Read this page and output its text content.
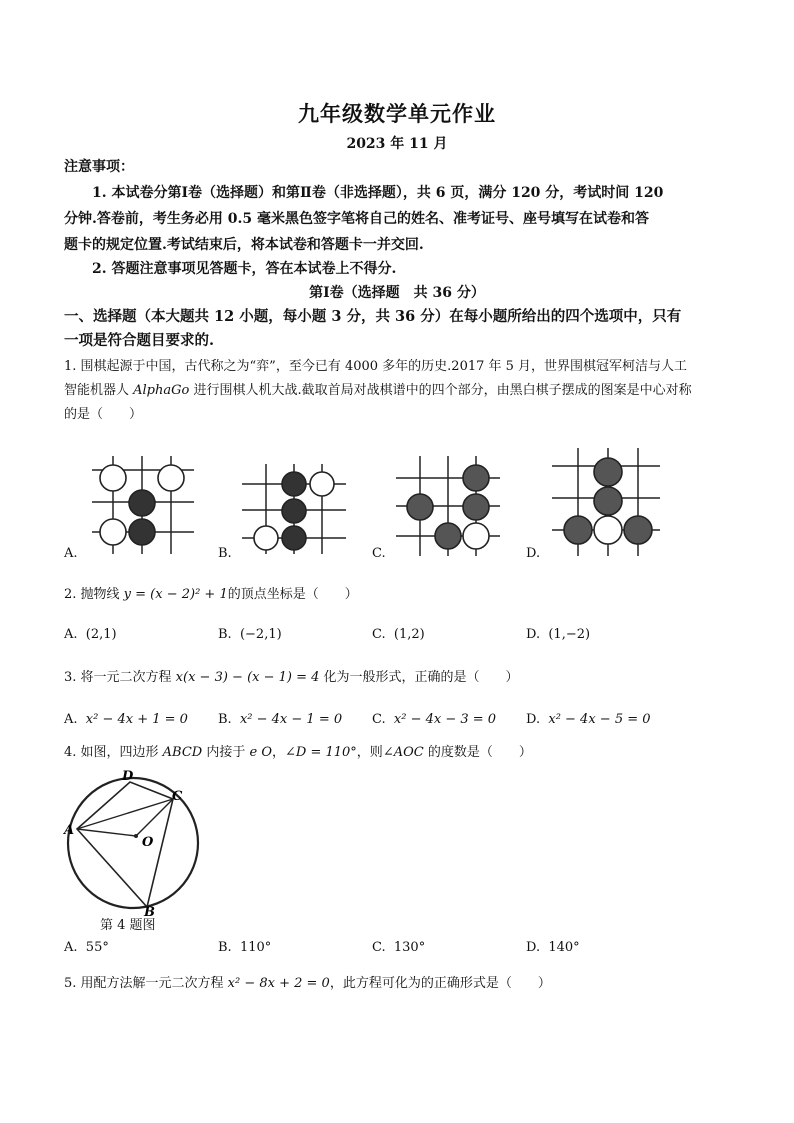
九年级数学单元作业
2023 年 11 月
注意事项：
1. 本试卷分第Ⅰ卷（选择题）和第Ⅱ卷（非选择题），共 6 页，满分 120 分，考试时间 120
分钟.答卷前，考生务必用 0.5 毫米黑色签字笔将自己的姓名、准考证号、座号填写在试卷和答
题卡的规定位置.考试结束后，将本试卷和答题卡一并交回.
2. 答题注意事项见答题卡，答在本试卷上不得分.
第Ⅰ卷（选择题　共 36 分）
一、选择题（本大题共 12 小题，每小题 3 分，共 36 分）在每小题所给出的四个选项中，只有
一项是符合题目要求的.
1. 围棋起源于中国，古代称之为“弈”，至今已有 4000 多年的历史.2017 年 5 月，世界围棋冠军柯洁与人工
智能机器人 AlphaGo 进行围棋人机大战.截取首局对战棋谱中的四个部分，由黑白棋子摆成的图案是中心对称
的是（　　）
A.	B.	C.	D.
2. 抛物线 y = (x − 2)² + 1的顶点坐标是（　　）
A. (2,1)	B. (−2,1)	C. (1,2)	D. (1,−2)
3. 将一元二次方程 x(x − 3) − (x − 1) = 4 化为一般形式，正确的是（　　）
A. x² − 4x + 1 = 0 B. x² − 4x − 1 = 0 C. x² − 4x − 3 = 0 D. x² − 4x − 5 = 0
4. 如图，四边形 ABCD 内接于 e O，∠D = 110°，则∠AOC 的度数是（　　）
A
D
C
O
B
第 4 题图
A. 55°	B. 110°	C. 130°	D. 140°
5. 用配方法解一元二次方程 x² − 8x + 2 = 0，此方程可化为的正确形式是（　　）
